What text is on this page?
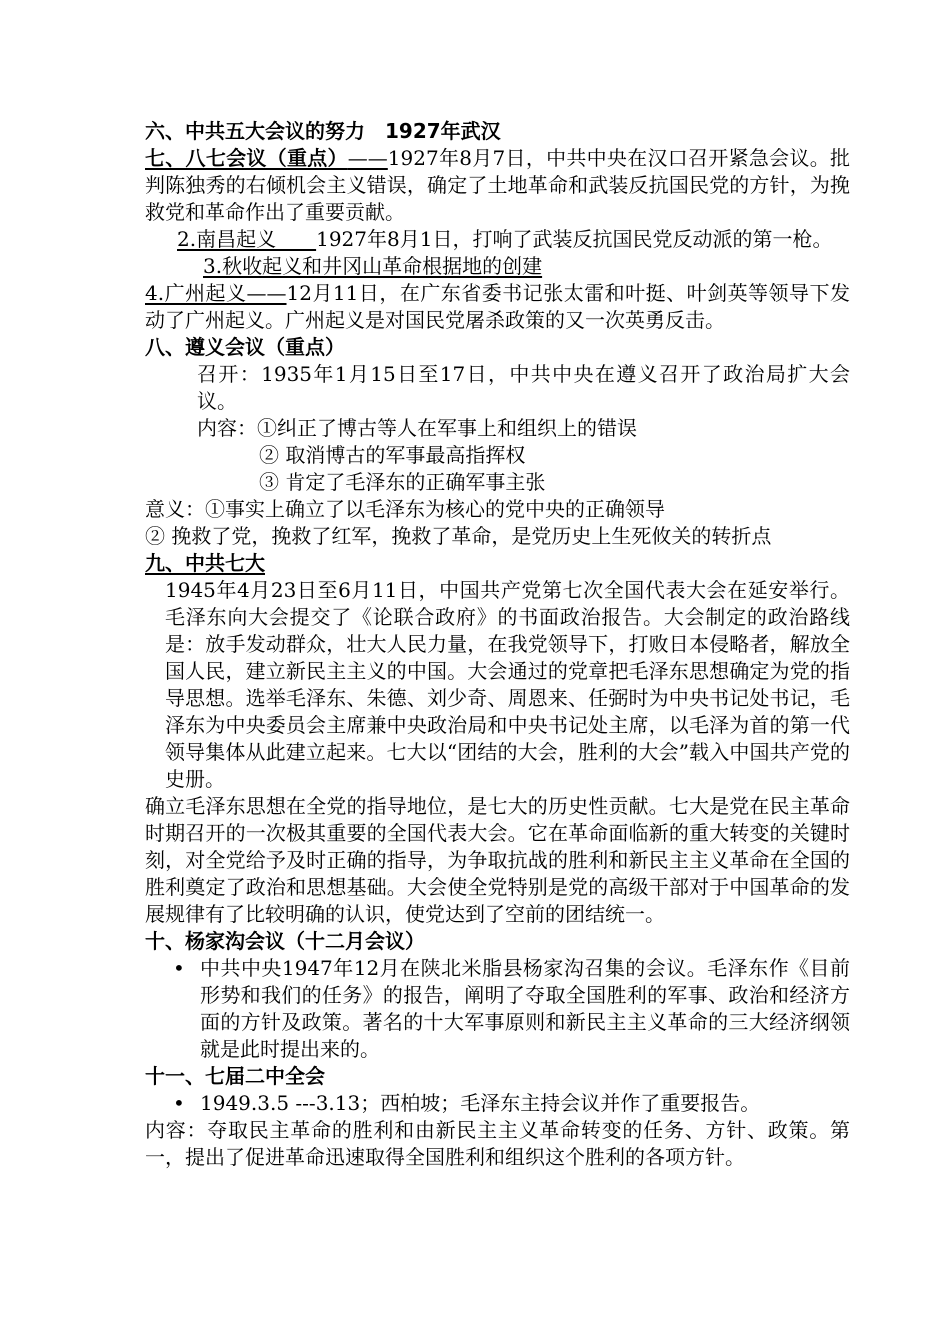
六、中共五大会议的努力　1927年武汉

七、八七会议（重点）——1927年8月7日，中共中央在汉口召开紧急会议。批判陈独秀的右倾机会主义错误，确定了土地革命和武装反抗国民党的方针，为挽救党和革命作出了重要贡献。

2.南昌起义　　1927年8月1日，打响了武装反抗国民党反动派的第一枪。

3.秋收起义和井冈山革命根据地的创建

4.广州起义——12月11日，在广东省委书记张太雷和叶挺、叶剑英等领导下发动了广州起义。广州起义是对国民党屠杀政策的又一次英勇反击。

八、遵义会议（重点）

召开：1935年1月15日至17日，中共中央在遵义召开了政治局扩大会议。

内容：①纠正了博古等人在军事上和组织上的错误

② 取消博古的军事最高指挥权

③ 肯定了毛泽东的正确军事主张

意义：①事实上确立了以毛泽东为核心的党中央的正确领导

② 挽救了党，挽救了红军，挽救了革命，是党历史上生死攸关的转折点

九、中共七大

1945年4月23日至6月11日，中国共产党第七次全国代表大会在延安举行。毛泽东向大会提交了《论联合政府》的书面政治报告。大会制定的政治路线是：放手发动群众，壮大人民力量，在我党领导下，打败日本侵略者，解放全国人民，建立新民主主义的中国。大会通过的党章把毛泽东思想确定为党的指导思想。选举毛泽东、朱德、刘少奇、周恩来、任弼时为中央书记处书记，毛泽东为中央委员会主席兼中央政治局和中央书记处主席，以毛泽为首的第一代领导集体从此建立起来。七大以“团结的大会，胜利的大会”载入中国共产党的史册。

确立毛泽东思想在全党的指导地位，是七大的历史性贡献。七大是党在民主革命时期召开的一次极其重要的全国代表大会。它在革命面临新的重大转变的关键时刻，对全党给予及时正确的指导，为争取抗战的胜利和新民主主义革命在全国的胜利奠定了政治和思想基础。大会使全党特别是党的高级干部对于中国革命的发展规律有了比较明确的认识，使党达到了空前的团结统一。

十、杨家沟会议（十二月会议）

• 中共中央1947年12月在陕北米脂县杨家沟召集的会议。毛泽东作《目前形势和我们的任务》的报告，阐明了夺取全国胜利的军事、政治和经济方面的方针及政策。著名的十大军事原则和新民主主义革命的三大经济纲领就是此时提出来的。

十一、七届二中全会

• 1949.3.5 ---3.13；西柏坡；毛泽东主持会议并作了重要报告。

内容：夺取民主革命的胜利和由新民主主义革命转变的任务、方针、政策。第一，提出了促进革命迅速取得全国胜利和组织这个胜利的各项方针。
